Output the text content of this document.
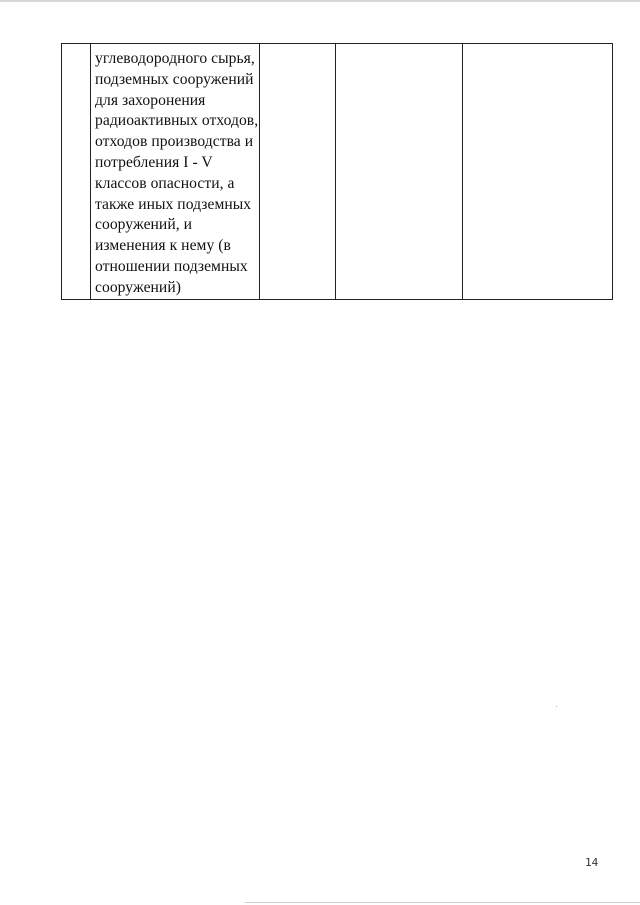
углеводородного сырья,
подземных сооружений
для захоронения
радиоактивных отходов,
отходов производства и
потребления I - V
классов опасности, а
также иных подземных
сооружений, и
изменения к нему (в
отношении подземных
сооружений)

14
